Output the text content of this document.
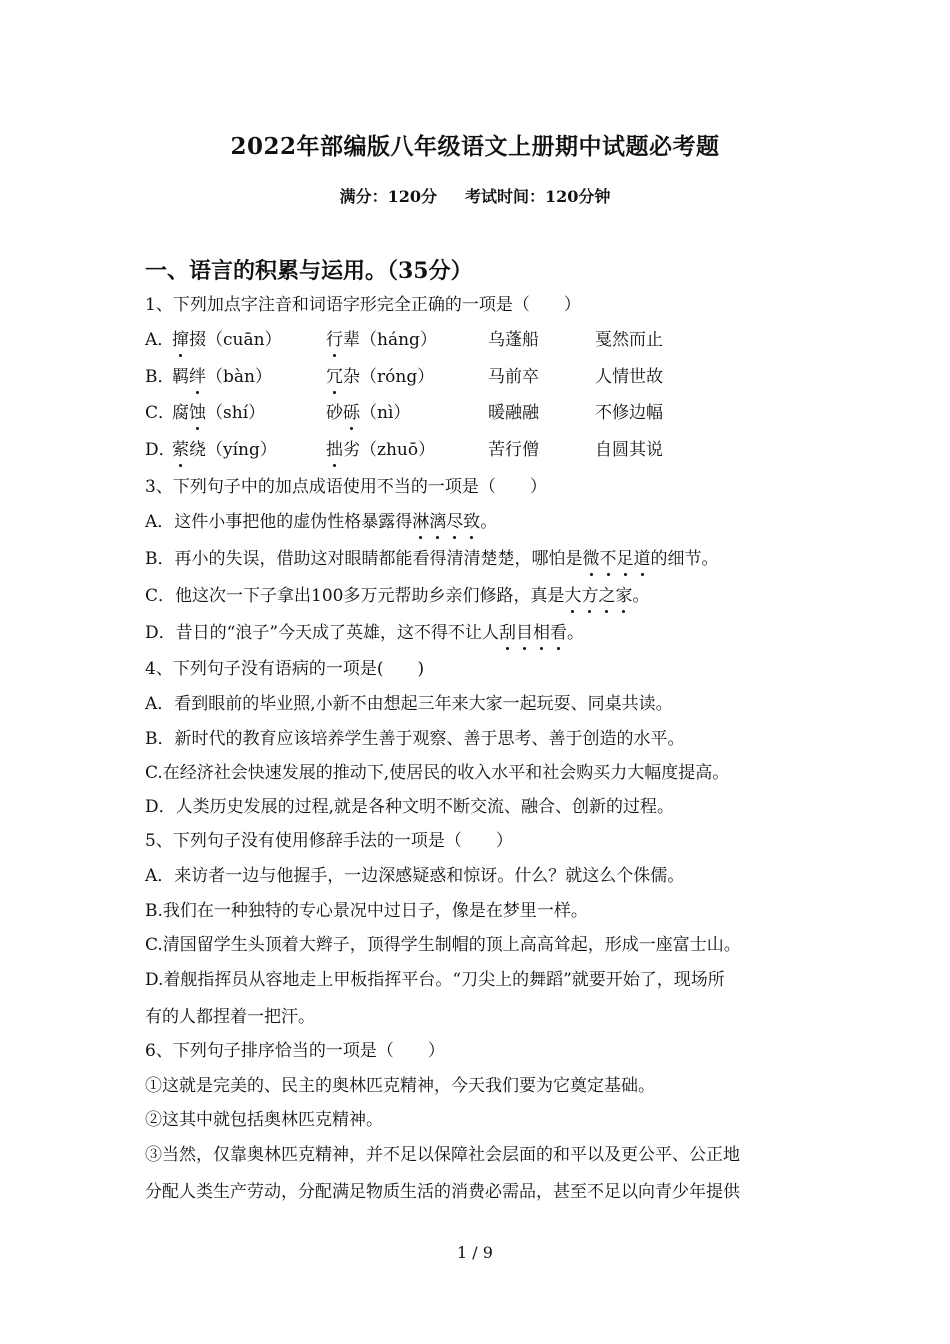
2022年部编版八年级语文上册期中试题必考题
满分：120分 考试时间：120分钟
一、语言的积累与运用。（35分）
1、下列加点字注音和词语字形完全正确的一项是（　　）
A．
撺掇（cuān）	行辈（háng）	乌蓬船	戛然而止
B．
羁绊（bàn）	冗杂（róng）	马前卒	人情世故
C．
腐蚀（shí）	砂砾（nì）	暖融融	不修边幅
D．
萦绕（yíng）	拙劣（zhuō）	苦行僧	自圆其说
3、下列句子中的加点成语使用不当的一项是（　　）
A．这件小事把他的虚伪性格暴露得淋漓尽致。
B．再小的失误，借助这对眼睛都能看得清清楚楚，哪怕是微不足道的细节。
C．他这次一下子拿出100多万元帮助乡亲们修路，真是大方之家。
D．昔日的“浪子”今天成了英雄，这不得不让人刮目相看。
4、下列句子没有语病的一项是(　　)
A．看到眼前的毕业照,小新不由想起三年来大家一起玩耍、同桌共读。
B．新时代的教育应该培养学生善于观察、善于思考、善于创造的水平。
C.在经济社会快速发展的推动下,使居民的收入水平和社会购买力大幅度提高。
D．人类历史发展的过程,就是各种文明不断交流、融合、创新的过程。
5、下列句子没有使用修辞手法的一项是（　　）
A．来访者一边与他握手，一边深感疑惑和惊讶。什么？就这么个侏儒。
B.我们在一种独特的专心景况中过日子，像是在梦里一样。
C.清国留学生头顶着大辫子，顶得学生制帽的顶上高高耸起，形成一座富士山。
D.着舰指挥员从容地走上甲板指挥平台。“刀尖上的舞蹈”就要开始了，现场所
有的人都捏着一把汗。
6、下列句子排序恰当的一项是（　　）
①这就是完美的、民主的奥林匹克精神，今天我们要为它奠定基础。
②这其中就包括奥林匹克精神。
③当然，仅靠奥林匹克精神，并不足以保障社会层面的和平以及更公平、公正地
分配人类生产劳动，分配满足物质生活的消费必需品，甚至不足以向青少年提供
1 / 9
